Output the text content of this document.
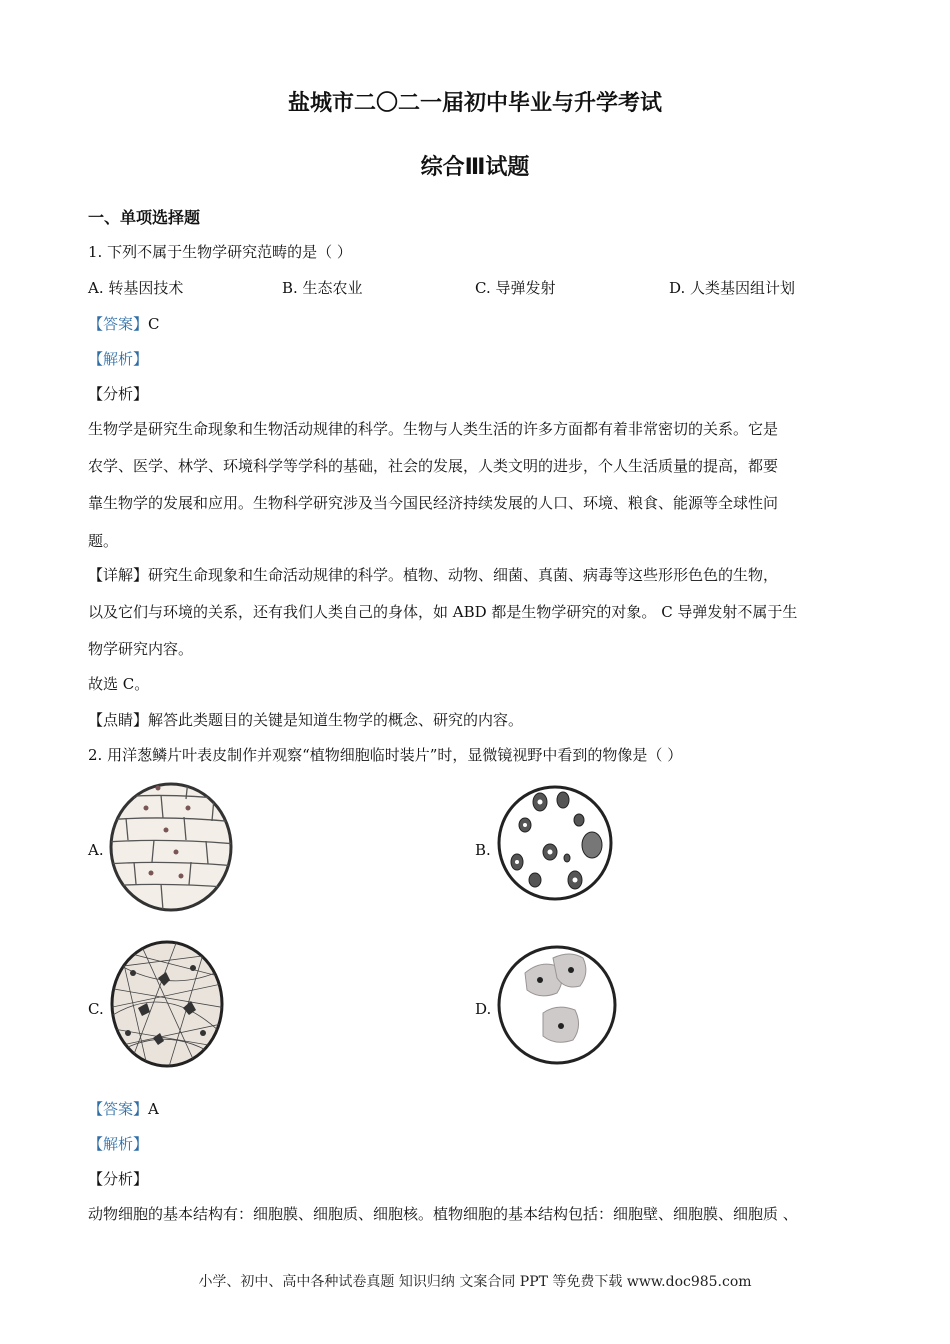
盐城市二〇二一届初中毕业与升学考试
综合Ⅲ试题
一、单项选择题
1. 下列不属于生物学研究范畴的是（ ）
A. 转基因技术	B. 生态农业	C. 导弹发射	D. 人类基因组计划
【答案】C
【解析】
【分析】
生物学是研究生命现象和生物活动规律的科学。生物与人类生活的许多方面都有着非常密切的关系。它是
农学、医学、林学、环境科学等学科的基础，社会的发展，人类文明的进步，个人生活质量的提高，都要
靠生物学的发展和应用。生物科学研究涉及当今国民经济持续发展的人口、环境、粮食、能源等全球性问
题。
【详解】研究生命现象和生命活动规律的科学。植物、动物、细菌、真菌、病毒等这些形形色色的生物，
以及它们与环境的关系，还有我们人类自己的身体，如 ABD 都是生物学研究的对象。 C 导弹发射不属于生
物学研究内容。
故选 C。
【点睛】解答此类题目的关键是知道生物学的概念、研究的内容。
2. 用洋葱鳞片叶表皮制作并观察“植物细胞临时装片”时，显微镜视野中看到的物像是（ ）
A.	B.
C.	D.
【答案】A
【解析】
【分析】
动物细胞的基本结构有：细胞膜、细胞质、细胞核。植物细胞的基本结构包括：细胞壁、细胞膜、细胞质 、
小学、初中、高中各种试卷真题 知识归纳 文案合同 PPT 等免费下载 www.doc985.com
